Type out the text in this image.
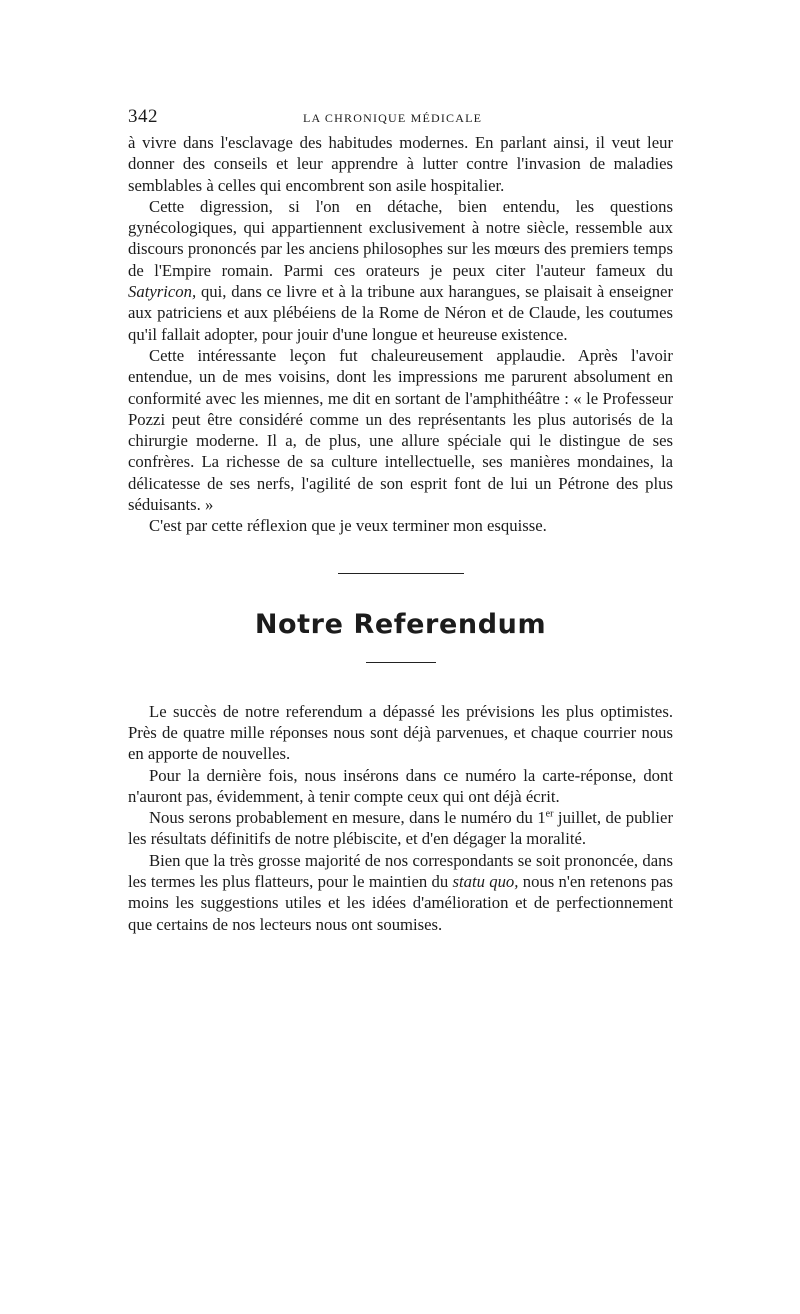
342	LA CHRONIQUE MÉDICALE

à vivre dans l'esclavage des habitudes modernes. En parlant ainsi, il veut leur donner des conseils et leur apprendre à lutter contre l'invasion de maladies semblables à celles qui encombrent son asile hospitalier.

Cette digression, si l'on en détache, bien entendu, les questions gynécologiques, qui appartiennent exclusivement à notre siècle, ressemble aux discours prononcés par les anciens philosophes sur les mœurs des premiers temps de l'Empire romain. Parmi ces orateurs je peux citer l'auteur fameux du Satyricon, qui, dans ce livre et à la tribune aux harangues, se plaisait à enseigner aux patriciens et aux plébéiens de la Rome de Néron et de Claude, les coutumes qu'il fallait adopter, pour jouir d'une longue et heureuse existence.

Cette intéressante leçon fut chaleureusement applaudie. Après l'avoir entendue, un de mes voisins, dont les impressions me parurent absolument en conformité avec les miennes, me dit en sortant de l'amphithéâtre : « le Professeur Pozzi peut être considéré comme un des représentants les plus autorisés de la chirurgie moderne. Il a, de plus, une allure spéciale qui le distingue de ses confrères. La richesse de sa culture intellectuelle, ses manières mondaines, la délicatesse de ses nerfs, l'agilité de son esprit font de lui un Pétrone des plus séduisants. »

C'est par cette réflexion que je veux terminer mon esquisse.

Notre Referendum

Le succès de notre referendum a dépassé les prévisions les plus optimistes. Près de quatre mille réponses nous sont déjà parvenues, et chaque courrier nous en apporte de nouvelles.

Pour la dernière fois, nous insérons dans ce numéro la carte-réponse, dont n'auront pas, évidemment, à tenir compte ceux qui ont déjà écrit.

Nous serons probablement en mesure, dans le numéro du 1er juillet, de publier les résultats définitifs de notre plébiscite, et d'en dégager la moralité.

Bien que la très grosse majorité de nos correspondants se soit prononcée, dans les termes les plus flatteurs, pour le maintien du statu quo, nous n'en retenons pas moins les suggestions utiles et les idées d'amélioration et de perfectionnement que certains de nos lecteurs nous ont soumises.
